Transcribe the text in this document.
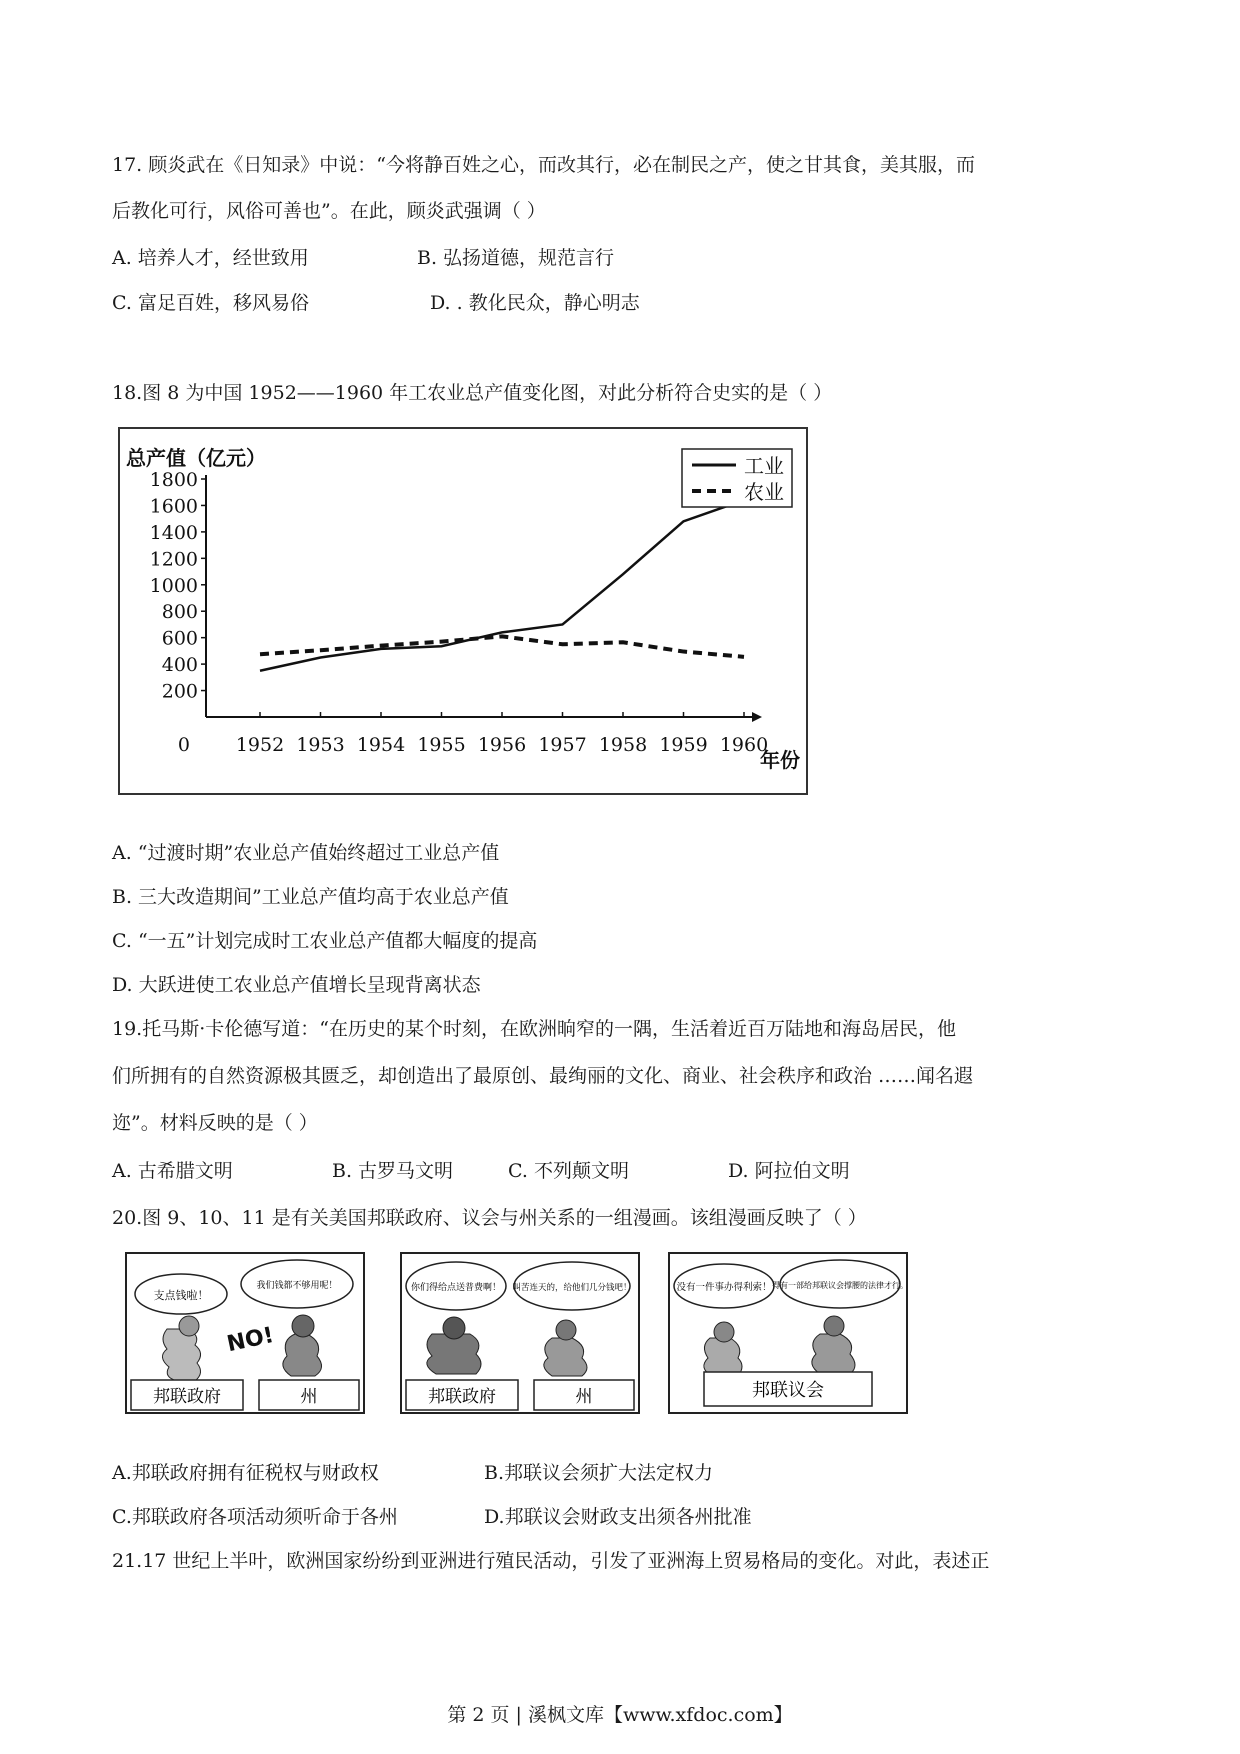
17. 顾炎武在《日知录》中说：“今将静百姓之心，而改其行，必在制民之产，使之甘其食，美其服，而
后教化可行，风俗可善也”。在此，顾炎武强调（ ）
A. 培养人才，经世致用	B. 弘扬道德，规范言行
C. 富足百姓，移风易俗	D. . 教化民众，静心明志
18.图 8 为中国 1952——1960 年工农业总产值变化图，对此分析符合史实的是（ ）
总产值（亿元）
1800
1600
1400
1200
1000
800
600
400
200
0 1952 1953 1954 1955 1956 1957 1958 1959 1960
年份
工业
农业
A. “过渡时期”农业总产值始终超过工业总产值
B. 三大改造期间”工业总产值均高于农业总产值
C. “一五”计划完成时工农业总产值都大幅度的提高
D. 大跃进使工农业总产值增长呈现背离状态
19.托马斯·卡伦德写道：“在历史的某个时刻，在欧洲晌窄的一隅，生活着近百万陆地和海岛居民，他
们所拥有的自然资源极其匮乏，却创造出了最原创、最绚丽的文化、商业、社会秩序和政治 ……闻名遐
迩”。材料反映的是（ ）
A. 古希腊文明	B. 古罗马文明	C. 不列颠文明	D. 阿拉伯文明
20.图 9、10、11 是有关美国邦联政府、议会与州关系的一组漫画。该组漫画反映了（ ）
支点钱啦！
我们钱都不够用呢！
NO!
邦联政府	州
你们得给点送普费啊！ 叫苦连天的，给他们几分钱吧！
邦联政府	州
没有一件事办得利索！ 得有一部给邦联议会撑腰的法律才行。
邦联议会
A.邦联政府拥有征税权与财政权	B.邦联议会须扩大法定权力
C.邦联政府各项活动须听命于各州	D.邦联议会财政支出须各州批准
21.17 世纪上半叶，欧洲国家纷纷到亚洲进行殖民活动，引发了亚洲海上贸易格局的变化。对此，表述正
第 2 页 | 溪枫文库【www.xfdoc.com】
